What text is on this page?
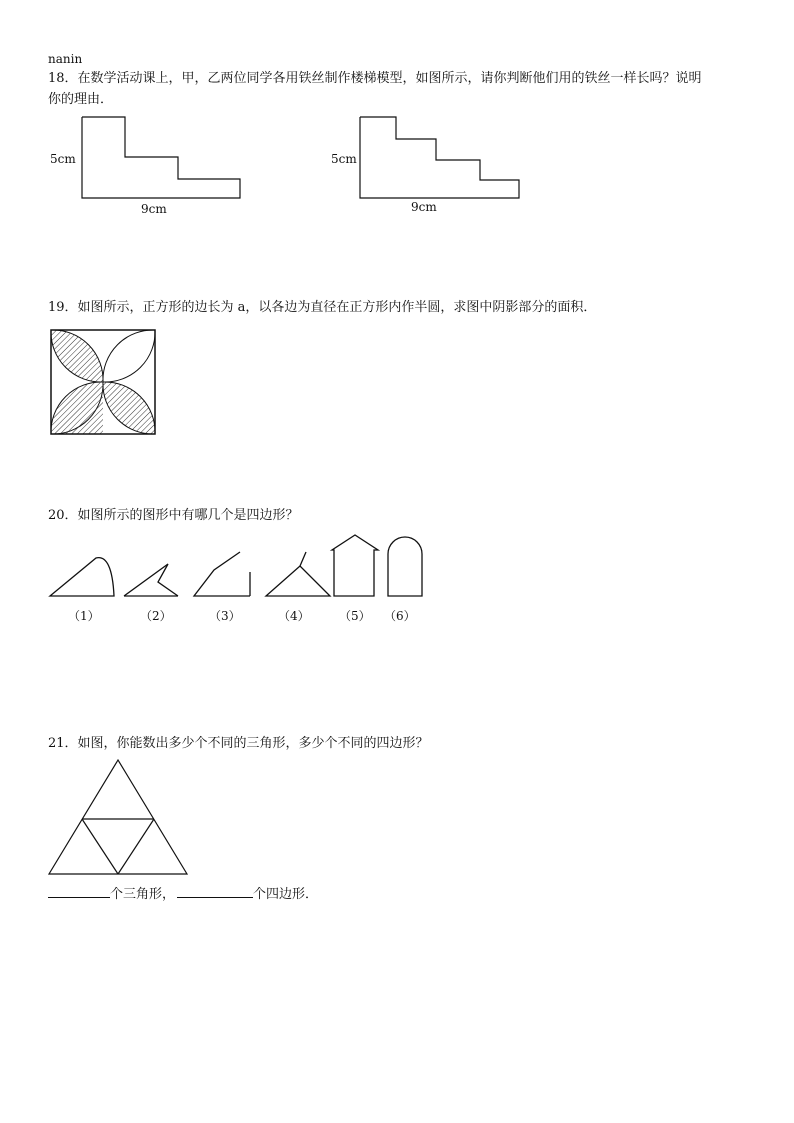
nanin
18．在数学活动课上，甲，乙两位同学各用铁丝制作楼梯模型，如图所示，请你判断他们用的铁丝一样长吗？说明
你的理由．
5cm
9cm
5cm
9cm
19．如图所示，正方形的边长为 a，以各边为直径在正方形内作半圆，求图中阴影部分的面积．
20．如图所示的图形中有哪几个是四边形？
（1）	（2）	（3）	（4） （5） （6）
21．如图，你能数出多少个不同的三角形，多少个不同的四边形？
个三角形，	个四边形．
